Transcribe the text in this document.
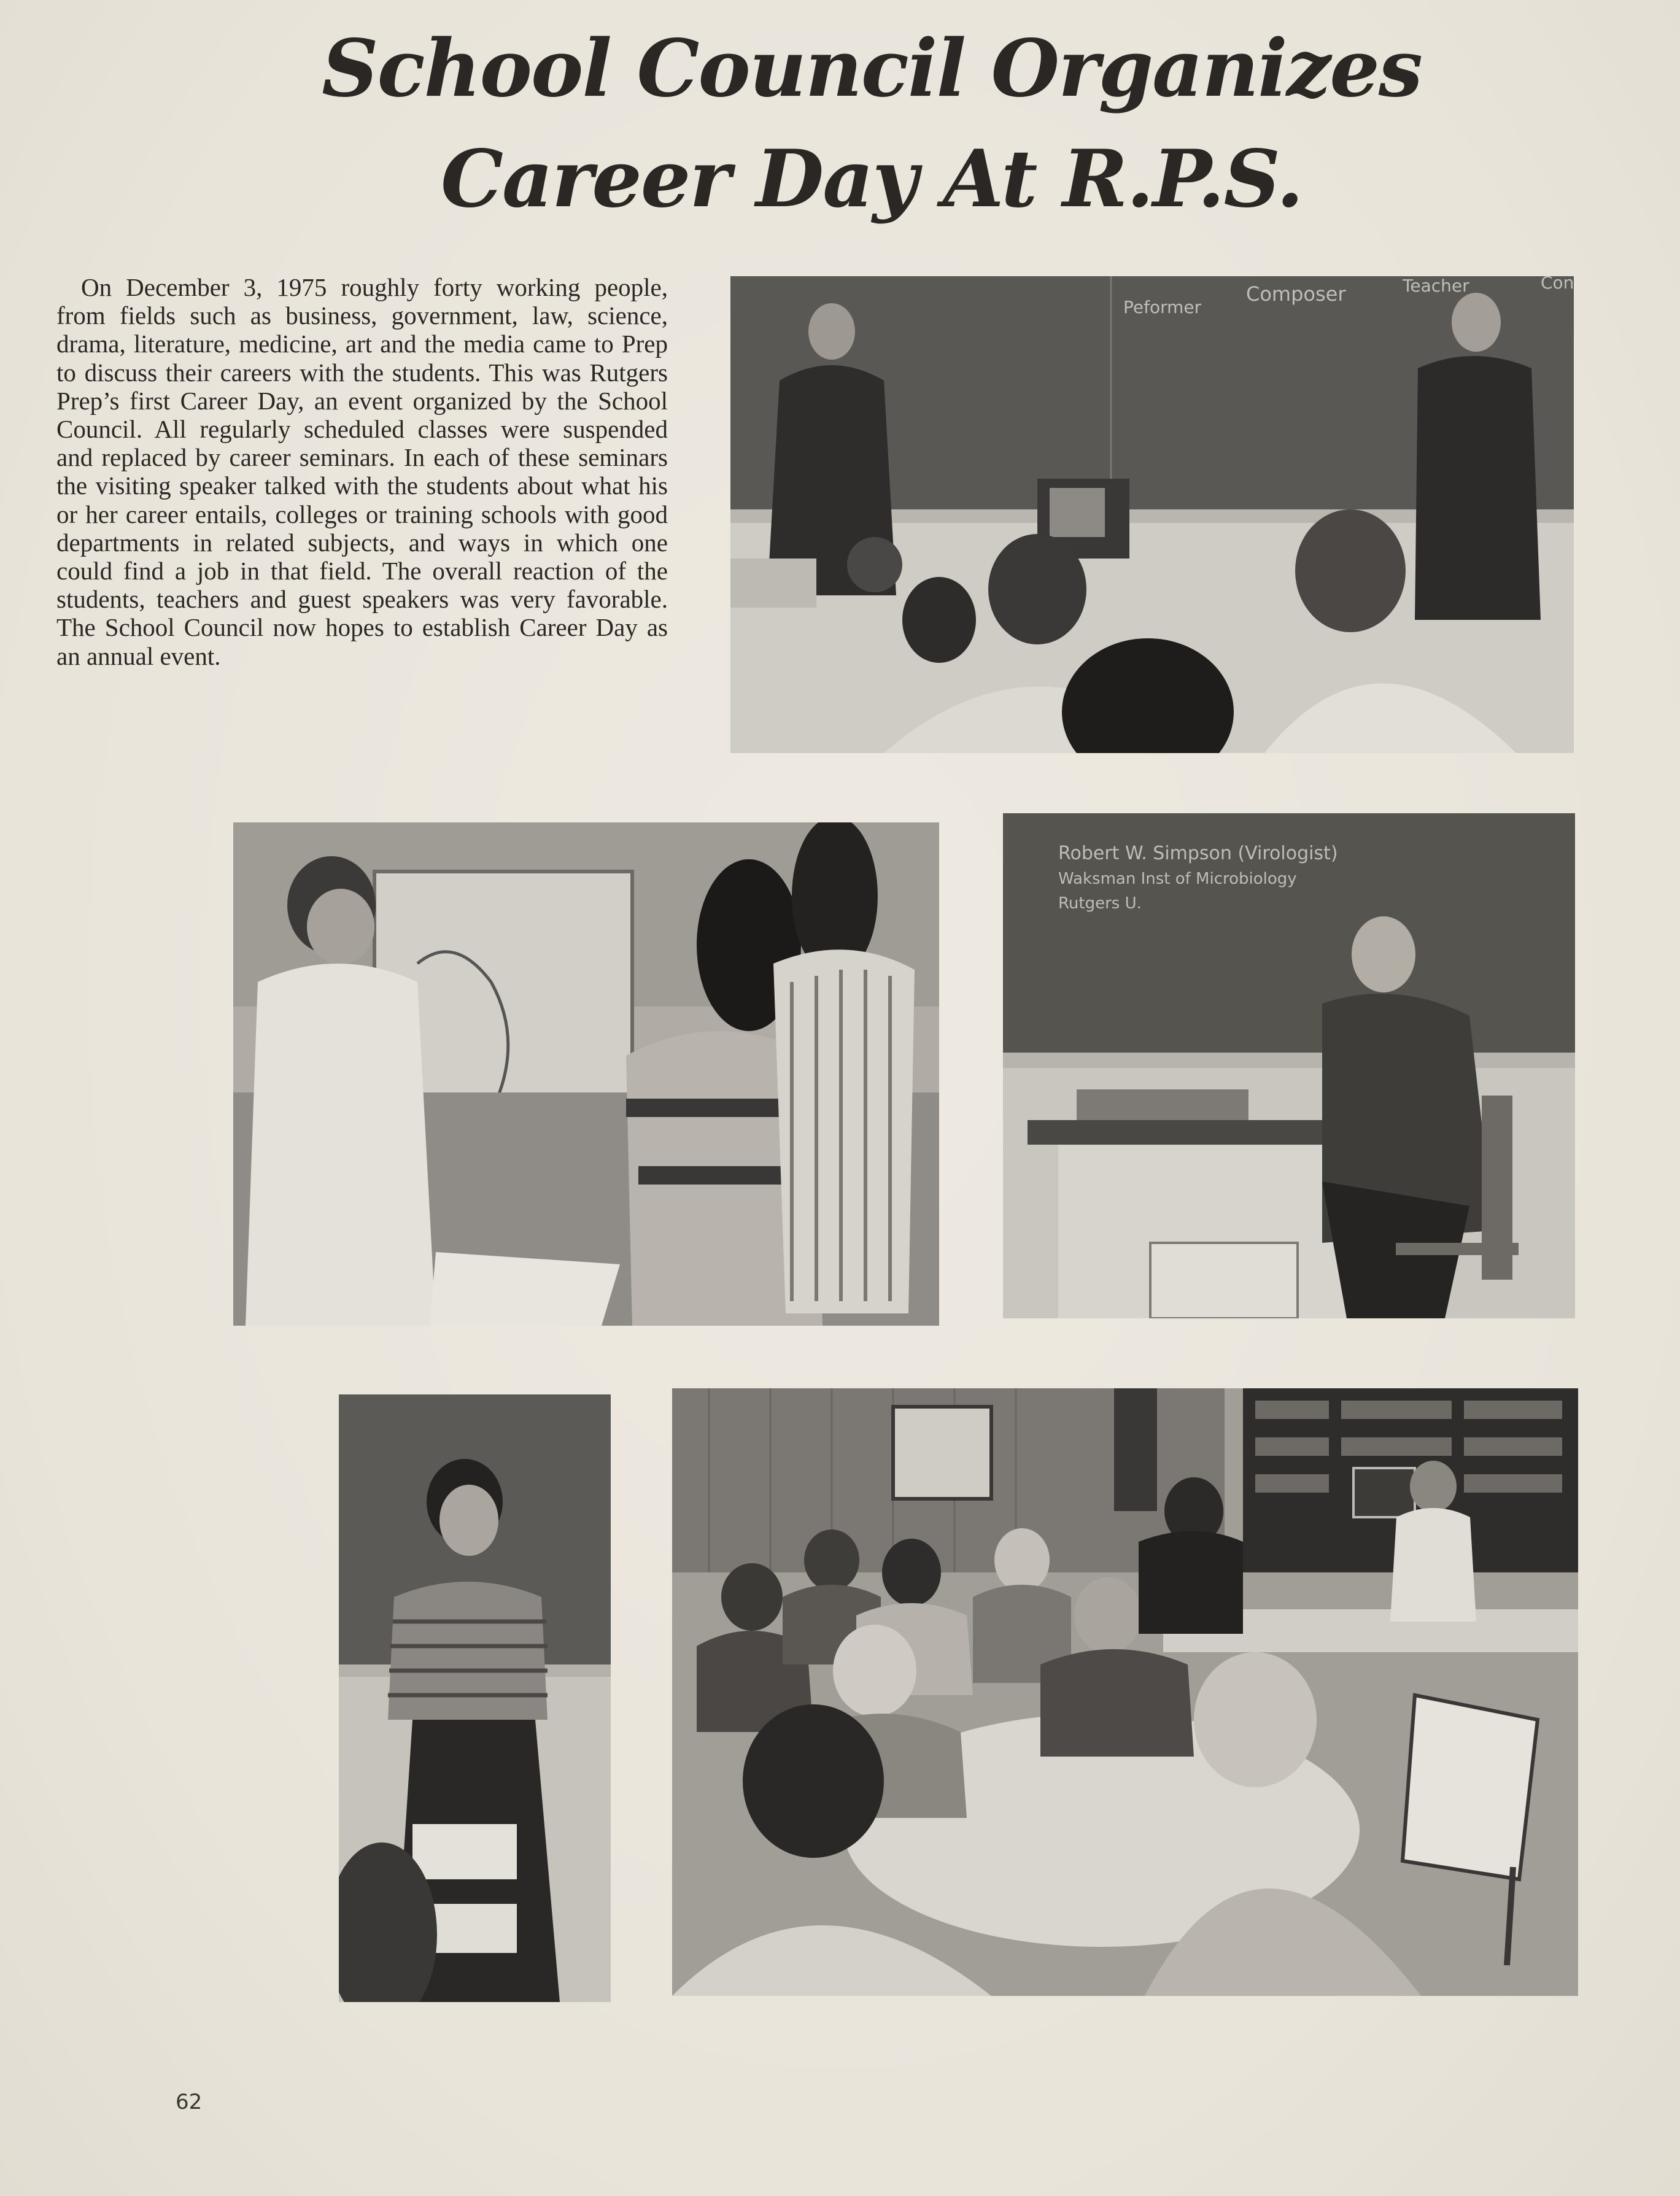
School Council Organizes
Career Day At R.P.S.

On December 3, 1975 roughly forty working people, from fields such as business, government, law, science, drama, literature, medicine, art and the media came to Prep to discuss their careers with the students. This was Rutgers Prep’s first Career Day, an event organized by the School Council. All regularly scheduled classes were suspended and replaced by career seminars. In each of these seminars the visiting speaker talked with the students about what his or her career entails, colleges or training schools with good departments in related subjects, and ways in which one could find a job in that field. The overall reaction of the students, teachers and guest speakers was very favorable. The School Council now hopes to establish Career Day as an annual event.

Peformer
Composer	Teacher	Con
Robert W. Simpson (Virologist)
Waksman Inst of Microbiology
Rutgers U.
62
